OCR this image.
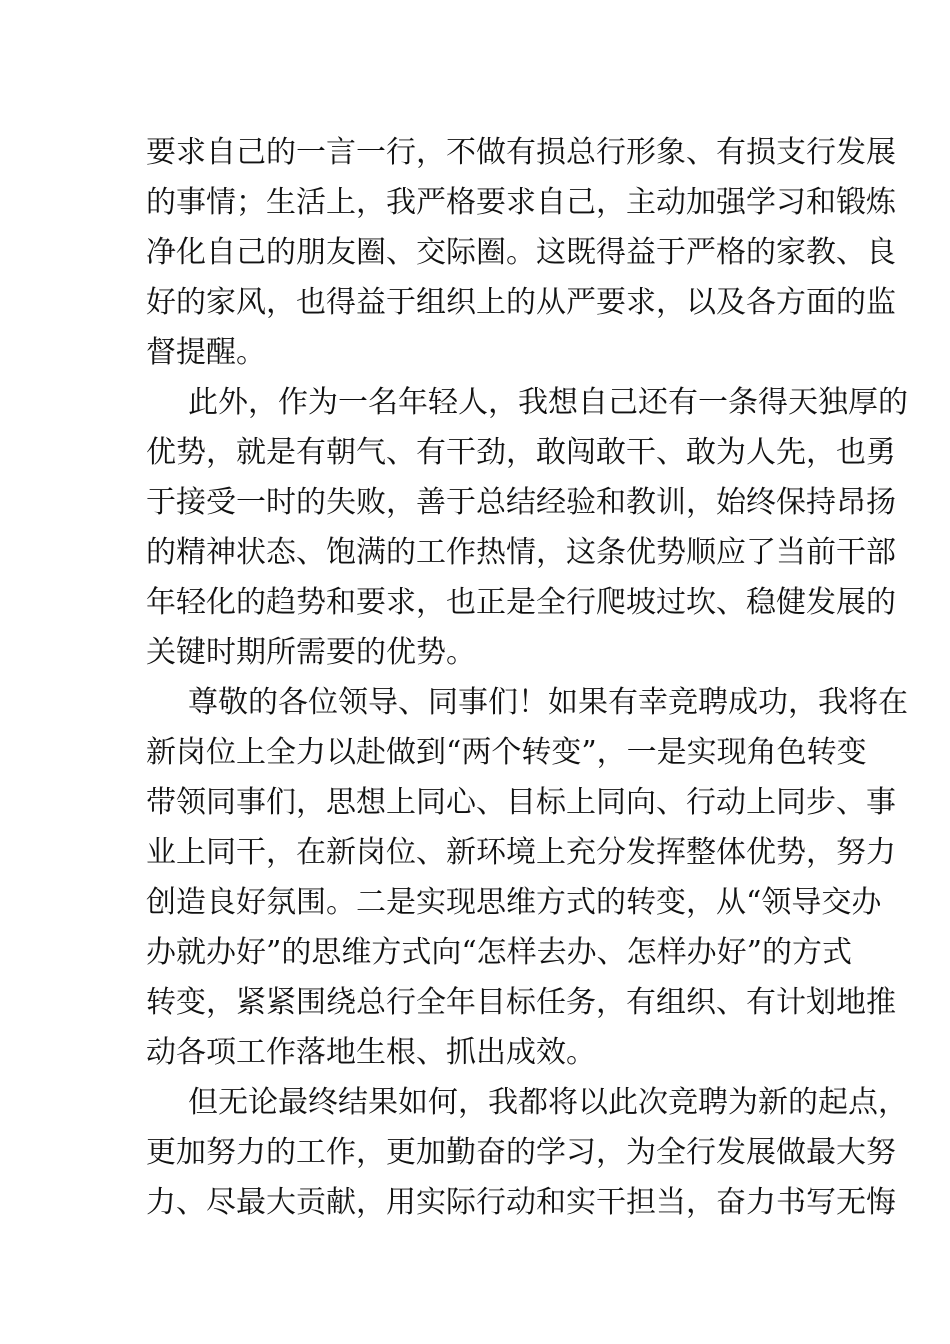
要求自己的一言一行，不做有损总行形象、有损支行发展
的事情；生活上，我严格要求自己，主动加强学习和锻炼
净化自己的朋友圈、交际圈。这既得益于严格的家教、良
好的家风，也得益于组织上的从严要求，以及各方面的监
督提醒。
此外，作为一名年轻人，我想自己还有一条得天独厚的
优势，就是有朝气、有干劲，敢闯敢干、敢为人先，也勇
于接受一时的失败，善于总结经验和教训，始终保持昂扬
的精神状态、饱满的工作热情，这条优势顺应了当前干部
年轻化的趋势和要求，也正是全行爬坡过坎、稳健发展的
关键时期所需要的优势。
尊敬的各位领导、同事们！如果有幸竞聘成功，我将在
新岗位上全力以赴做到“两个转变”，一是实现角色转变
带领同事们，思想上同心、目标上同向、行动上同步、事
业上同干，在新岗位、新环境上充分发挥整体优势，努力
创造良好氛围。二是实现思维方式的转变，从“领导交办
办就办好”的思维方式向“怎样去办、怎样办好”的方式
转变，紧紧围绕总行全年目标任务，有组织、有计划地推
动各项工作落地生根、抓出成效。
但无论最终结果如何，我都将以此次竞聘为新的起点，
更加努力的工作，更加勤奋的学习，为全行发展做最大努
力、尽最大贡献，用实际行动和实干担当，奋力书写无悔
